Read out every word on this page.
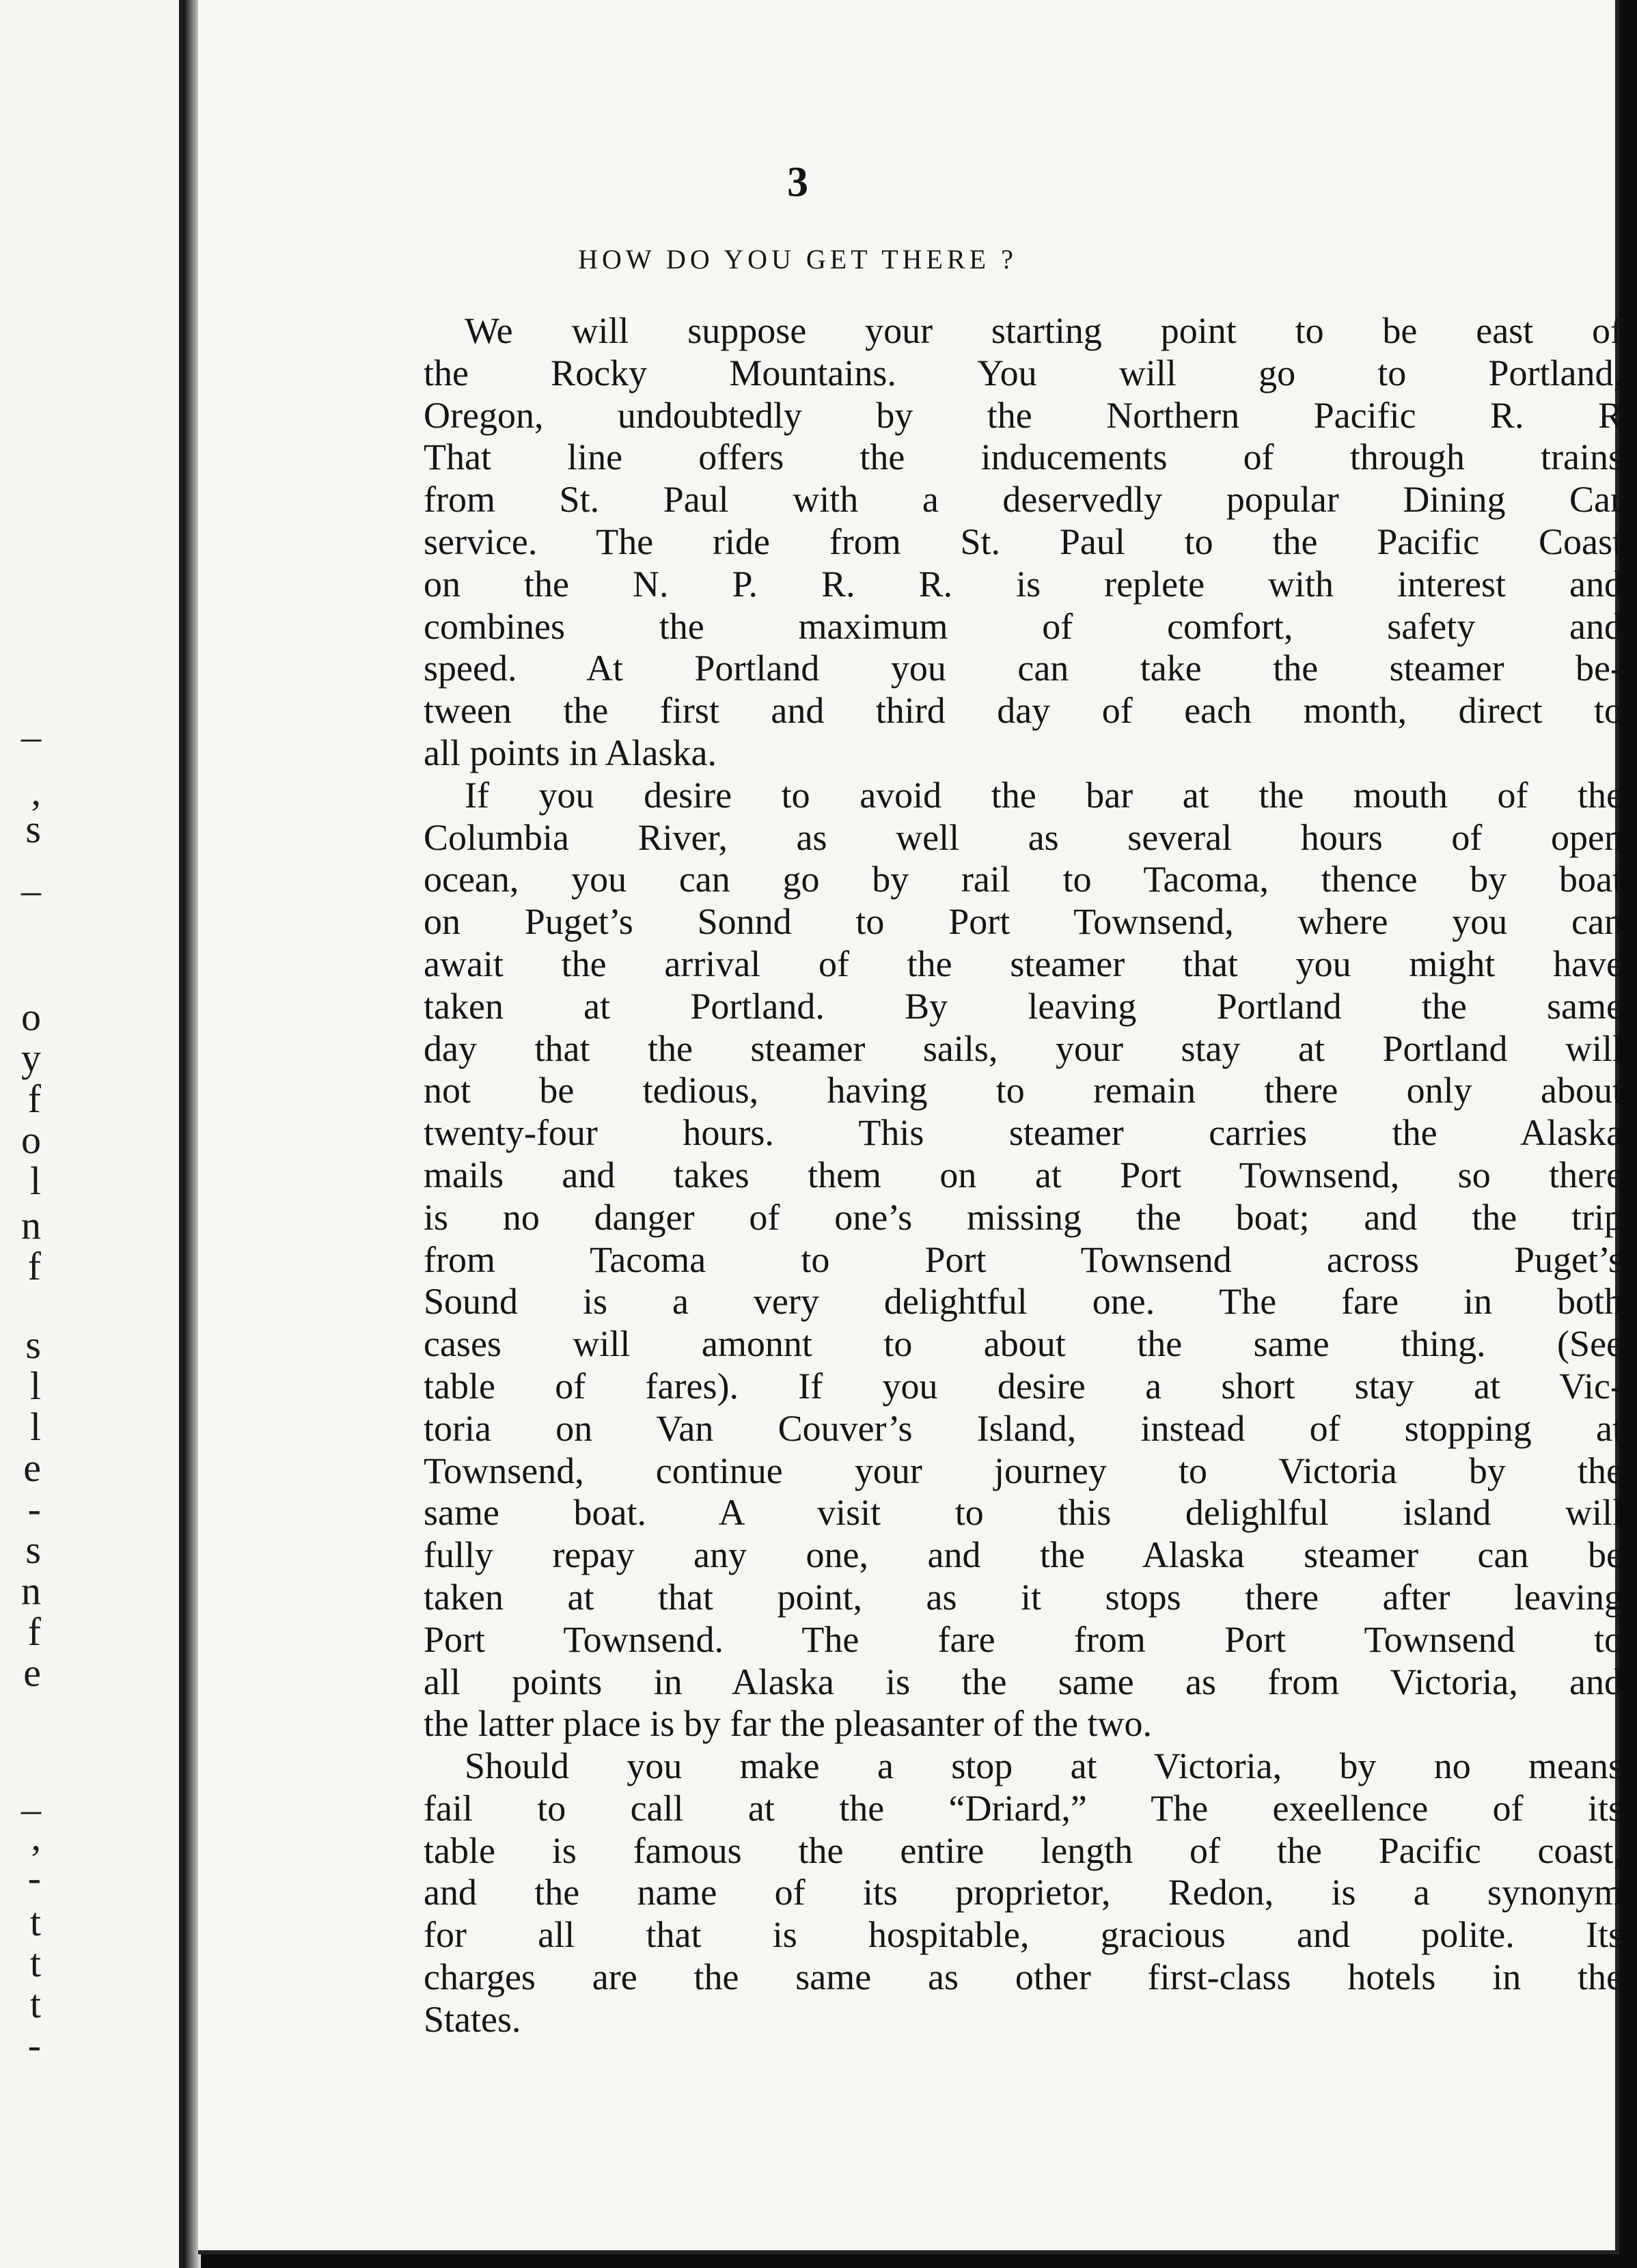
_
,
s
_
o
y
f
o
l
n
f
s
l
l
e
-
s
n
f
e
_
,
-
t
t
t
-
3
HOW DO YOU GET THERE ?
We will suppose your starting point to be east of
the Rocky Mountains. You will go to Portland,
Oregon, undoubtedly by the Northern Pacific R. R
That line offers the inducements of through trains
from St. Paul with a deservedly popular Dining Car
service. The ride from St. Paul to the Pacific Coast
on the N. P. R. R. is replete with interest and
combines the maximum of comfort, safety and
speed. At Portland you can take the steamer be-
tween the first and third day of each month, direct to
all points in Alaska.
If you desire to avoid the bar at the mouth of the
Columbia River, as well as several hours of open
ocean, you can go by rail to Tacoma, thence by boat
on Puget’s Sonnd to Port Townsend, where you can
await the arrival of the steamer that you might have
taken at Portland. By leaving Portland the same
day that the steamer sails, your stay at Portland will
not be tedious, having to remain there only about
twenty-four hours. This steamer carries the Alaska
mails and takes them on at Port Townsend, so there
is no danger of one’s missing the boat; and the trip
from Tacoma to Port Townsend across Puget’s
Sound is a very delightful one. The fare in both
cases will amonnt to about the same thing. (See
table of fares). If you desire a short stay at Vic-
toria on Van Couver’s Island, instead of stopping at
Townsend, continue your journey to Victoria by the
same boat. A visit to this delighlful island will
fully repay any one, and the Alaska steamer can be
taken at that point, as it stops there after leaving
Port Townsend. The fare from Port Townsend to
all points in Alaska is the same as from Victoria, and
the latter place is by far the pleasanter of the two.
Should you make a stop at Victoria, by no means
fail to call at the “Driard,” The exeellence of its
table is famous the entire length of the Pacific coast,
and the name of its proprietor, Redon, is a synonym
for all that is hospitable, gracious and polite. Its
charges are the same as other first-class hotels in the
States.
